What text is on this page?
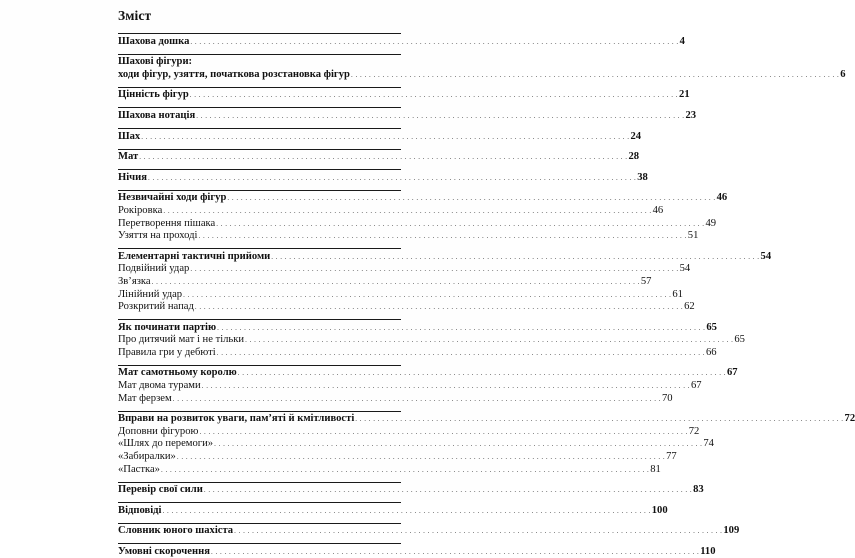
Зміст
Шахова дошка . . .	4
Шахові фігури:
ходи фігур, узяття, початкова розстановка фігур . . .	6
Цінність фігур . . .	21
Шахова нотація . . .	23
Шах . . .	24
Мат . . .	28
Нічия . . .	38
Незвичайні ходи фігур . . .	46
Рокіровка . . .	46
Перетворення пішака . . .	49
Узяття на проході . . .	51
Елементарні тактичні прийоми . . .	54
Подвійний удар . . .	54
Зв’язка . . .	57
Лінійний удар . . .	61
Розкритий напад . . .	62
Як починати партію . . .	65
Про дитячий мат і не тільки . . .	65
Правила гри у дебюті . . .	66
Мат самотньому королю . . .	67
Мат двома турами . . .	67
Мат ферзем . . .	70
Вправи на розвиток уваги, пам’яті й кмітливості . . .	72
Доповни фігурою . . .	72
«Шлях до перемоги» . . .	74
«Забиралки» . . .	77
«Пастка» . . .	81
Перевір свої сили . . .	83
Відповіді . . .	100
Словник юного шахіста . . .	109
Умовні скорочення . . .	110
